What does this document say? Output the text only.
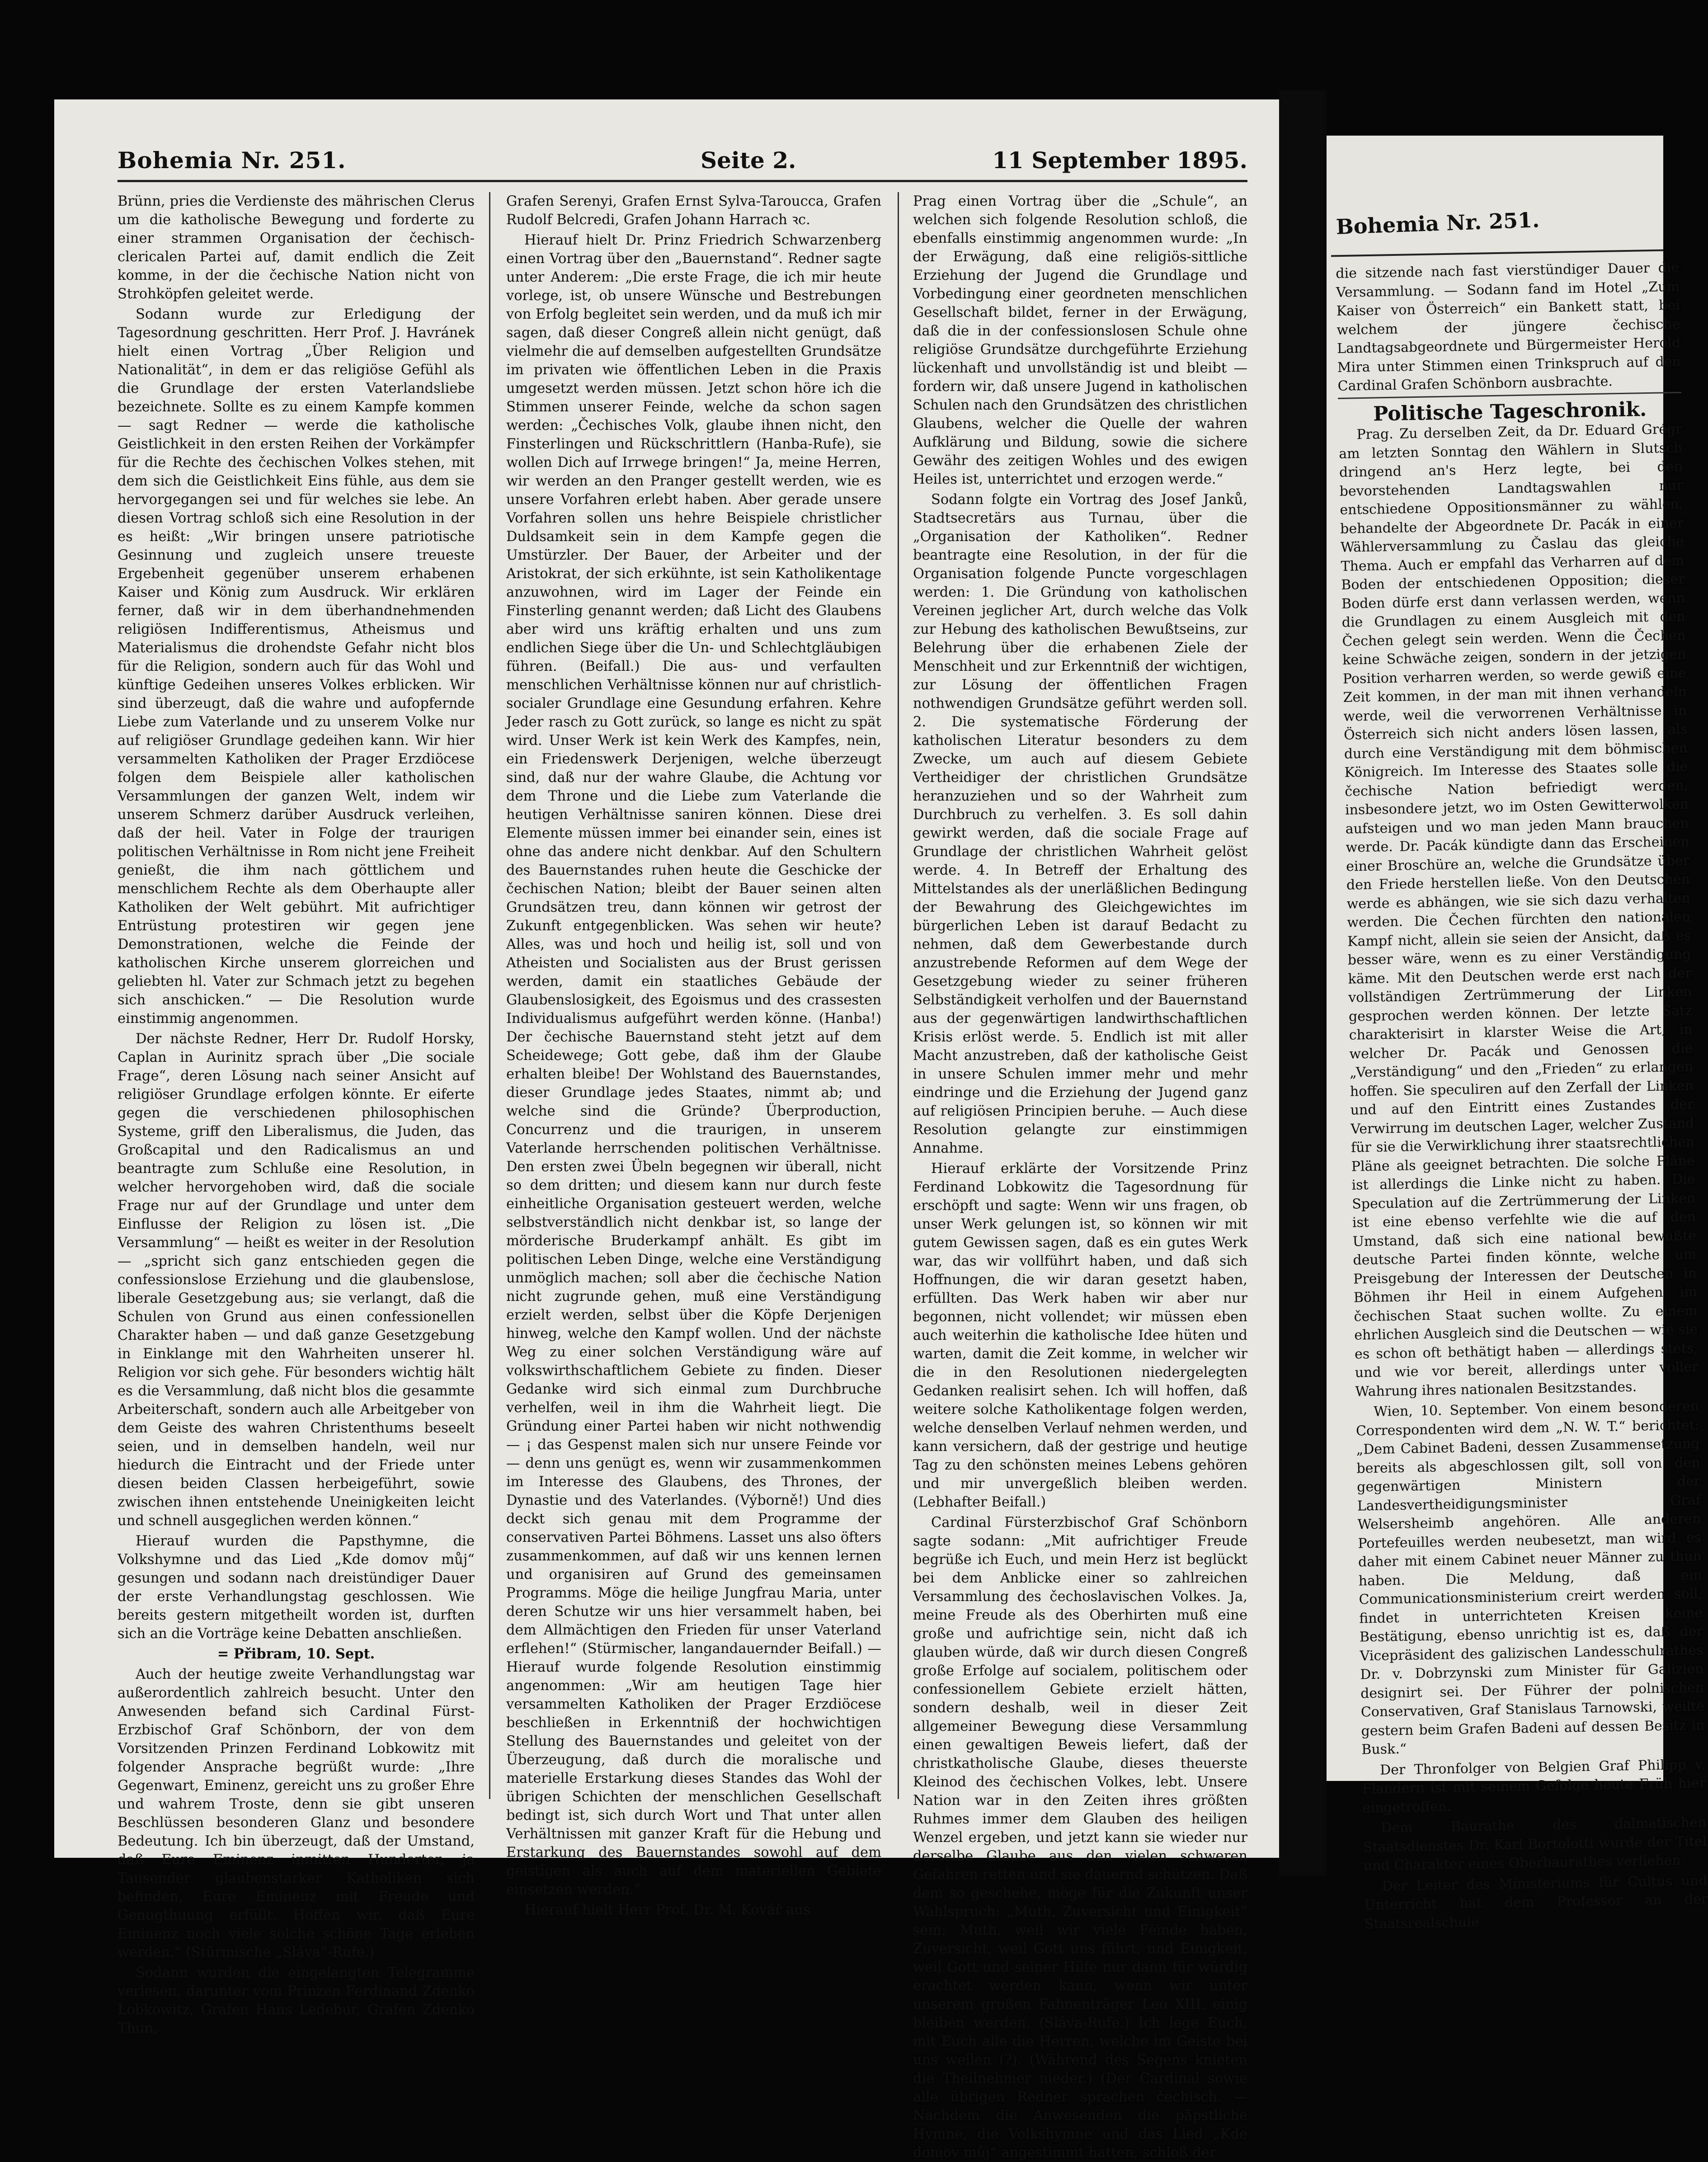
Bohemia Nr. 251.	Seite 2.	11 September 1895.

Brünn, pries die Verdienste des mährischen Clerus um die katholische Bewegung und forderte zu einer strammen Organisation der čechisch-clericalen Partei auf, damit endlich die Zeit komme, in der die čechische Nation nicht von Strohköpfen geleitet werde.

Sodann wurde zur Erledigung der Tagesordnung geschritten. Herr Prof. J. Havránek hielt einen Vortrag „Über Religion und Nationalität“, in dem er das religiöse Gefühl als die Grundlage der ersten Vaterlandsliebe bezeichnete. Sollte es zu einem Kampfe kommen — sagt Redner — werde die katholische Geistlichkeit in den ersten Reihen der Vorkämpfer für die Rechte des čechischen Volkes stehen, mit dem sich die Geistlichkeit Eins fühle, aus dem sie hervorgegangen sei und für welches sie lebe. An diesen Vortrag schloß sich eine Resolution in der es heißt: „Wir bringen unsere patriotische Gesinnung und zugleich unsere treueste Ergebenheit gegenüber unserem erhabenen Kaiser und König zum Ausdruck. Wir erklären ferner, daß wir in dem überhandnehmenden religiösen Indifferentismus, Atheismus und Materialismus die drohendste Gefahr nicht blos für die Religion, sondern auch für das Wohl und künftige Gedeihen unseres Volkes erblicken. Wir sind überzeugt, daß die wahre und aufopfernde Liebe zum Vaterlande und zu unserem Volke nur auf religiöser Grundlage gedeihen kann. Wir hier versammelten Katholiken der Prager Erzdiöcese folgen dem Beispiele aller katholischen Versammlungen der ganzen Welt, indem wir unserem Schmerz darüber Ausdruck verleihen, daß der heil. Vater in Folge der traurigen politischen Verhältnisse in Rom nicht jene Freiheit genießt, die ihm nach göttlichem und menschlichem Rechte als dem Oberhaupte aller Katholiken der Welt gebührt. Mit aufrichtiger Entrüstung protestiren wir gegen jene Demonstrationen, welche die Feinde der katholischen Kirche unserem glorreichen und geliebten hl. Vater zur Schmach jetzt zu begehen sich anschicken.“ — Die Resolution wurde einstimmig angenommen.

Der nächste Redner, Herr Dr. Rudolf Horsky, Caplan in Aurinitz sprach über „Die sociale Frage“, deren Lösung nach seiner Ansicht auf religiöser Grundlage erfolgen könnte. Er eiferte gegen die verschiedenen philosophischen Systeme, griff den Liberalismus, die Juden, das Großcapital und den Radicalismus an und beantragte zum Schluße eine Resolution, in welcher hervorgehoben wird, daß die sociale Frage nur auf der Grundlage und unter dem Einflusse der Religion zu lösen ist. „Die Versammlung“ — heißt es weiter in der Resolution — „spricht sich ganz entschieden gegen die confessionslose Erziehung und die glaubenslose, liberale Gesetzgebung aus; sie verlangt, daß die Schulen von Grund aus einen confessionellen Charakter haben — und daß ganze Gesetzgebung in Einklange mit den Wahrheiten unserer hl. Religion vor sich gehe. Für besonders wichtig hält es die Versammlung, daß nicht blos die gesammte Arbeiterschaft, sondern auch alle Arbeitgeber von dem Geiste des wahren Christenthums beseelt seien, und in demselben handeln, weil nur hiedurch die Eintracht und der Friede unter diesen beiden Classen herbeigeführt, sowie zwischen ihnen entstehende Uneinigkeiten leicht und schnell ausgeglichen werden können.“

Hierauf wurden die Papsthymne, die Volkshymne und das Lied „Kde domov můj“ gesungen und sodann nach dreistündiger Dauer der erste Verhandlungstag geschlossen. Wie bereits gestern mitgetheilt worden ist, durften sich an die Vorträge keine Debatten anschließen.

= Přibram, 10. Sept.

Auch der heutige zweite Verhandlungstag war außerordentlich zahlreich besucht. Unter den Anwesenden befand sich Cardinal Fürst-Erzbischof Graf Schönborn, der von dem Vorsitzenden Prinzen Ferdinand Lobkowitz mit folgender Ansprache begrüßt wurde: „Ihre Gegenwart, Eminenz, gereicht uns zu großer Ehre und wahrem Troste, denn sie gibt unseren Beschlüssen besonderen Glanz und besondere Bedeutung. Ich bin überzeugt, daß der Umstand, daß Eure Eminenz inmitten Hunderter, ja Tausender glaubenstarker Katholiken sich befinden, Eure Eminenz mit Freude und Genugthuung erfüllt. Hoffen wir, daß Eure Eminenz noch viele solche schöne Tage erleben werden.“ (Stürmische „Sláva“-Rufe.)

Sodann wurden die eingelangten Telegramme verlesen, darunter vom Prinzen Ferdinand Zdenko Lobkowitz, Grafen Hans Ledebur, Grafen Zdenko Thun,

Grafen Serenyi, Grafen Ernst Sylva-Taroucca, Grafen Rudolf Belcredi, Grafen Johann Harrach ꝛc.

Hierauf hielt Dr. Prinz Friedrich Schwarzenberg einen Vortrag über den „Bauernstand“. Redner sagte unter Anderem: „Die erste Frage, die ich mir heute vorlege, ist, ob unsere Wünsche und Bestrebungen von Erfolg begleitet sein werden, und da muß ich mir sagen, daß dieser Congreß allein nicht genügt, daß vielmehr die auf demselben aufgestellten Grundsätze im privaten wie öffentlichen Leben in die Praxis umgesetzt werden müssen. Jetzt schon höre ich die Stimmen unserer Feinde, welche da schon sagen werden: „Čechisches Volk, glaube ihnen nicht, den Finsterlingen und Rückschrittlern (Hanba-Rufe), sie wollen Dich auf Irrwege bringen!“ Ja, meine Herren, wir werden an den Pranger gestellt werden, wie es unsere Vorfahren erlebt haben. Aber gerade unsere Vorfahren sollen uns hehre Beispiele christlicher Duldsamkeit sein in dem Kampfe gegen die Umstürzler. Der Bauer, der Arbeiter und der Aristokrat, der sich erkühnte, ist sein Katholikentage anzuwohnen, wird im Lager der Feinde ein Finsterling genannt werden; daß Licht des Glaubens aber wird uns kräftig erhalten und uns zum endlichen Siege über die Un- und Schlechtgläubigen führen. (Beifall.) Die aus- und verfaulten menschlichen Verhältnisse können nur auf christlich-socialer Grundlage eine Gesundung erfahren. Kehre Jeder rasch zu Gott zurück, so lange es nicht zu spät wird. Unser Werk ist kein Werk des Kampfes, nein, ein Friedenswerk Derjenigen, welche überzeugt sind, daß nur der wahre Glaube, die Achtung vor dem Throne und die Liebe zum Vaterlande die heutigen Verhältnisse saniren können. Diese drei Elemente müssen immer bei einander sein, eines ist ohne das andere nicht denkbar. Auf den Schultern des Bauernstandes ruhen heute die Geschicke der čechischen Nation; bleibt der Bauer seinen alten Grundsätzen treu, dann können wir getrost der Zukunft entgegenblicken. Was sehen wir heute? Alles, was und hoch und heilig ist, soll und von Atheisten und Socialisten aus der Brust gerissen werden, damit ein staatliches Gebäude der Glaubenslosigkeit, des Egoismus und des crassesten Individualismus aufgeführt werden könne. (Hanba!) Der čechische Bauernstand steht jetzt auf dem Scheidewege; Gott gebe, daß ihm der Glaube erhalten bleibe! Der Wohlstand des Bauernstandes, dieser Grundlage jedes Staates, nimmt ab; und welche sind die Gründe? Überproduction, Concurrenz und die traurigen, in unserem Vaterlande herrschenden politischen Verhältnisse. Den ersten zwei Übeln begegnen wir überall, nicht so dem dritten; und diesem kann nur durch feste einheitliche Organisation gesteuert werden, welche selbstverständlich nicht denkbar ist, so lange der mörderische Bruderkampf anhält. Es gibt im politischen Leben Dinge, welche eine Verständigung unmöglich machen; soll aber die čechische Nation nicht zugrunde gehen, muß eine Verständigung erzielt werden, selbst über die Köpfe Derjenigen hinweg, welche den Kampf wollen. Und der nächste Weg zu einer solchen Verständigung wäre auf volkswirthschaftlichem Gebiete zu finden. Dieser Gedanke wird sich einmal zum Durchbruche verhelfen, weil in ihm die Wahrheit liegt. Die Gründung einer Partei haben wir nicht nothwendig — ¡ das Gespenst malen sich nur unsere Feinde vor — denn uns genügt es, wenn wir zusammenkommen im Interesse des Glaubens, des Thrones, der Dynastie und des Vaterlandes. (Výborně!) Und dies deckt sich genau mit dem Programme der conservativen Partei Böhmens. Lasset uns also öfters zusammenkommen, auf daß wir uns kennen lernen und organisiren auf Grund des gemeinsamen Programms. Möge die heilige Jungfrau Maria, unter deren Schutze wir uns hier versammelt haben, bei dem Allmächtigen den Frieden für unser Vaterland erflehen!“ (Stürmischer, langandauernder Beifall.) — Hierauf wurde folgende Resolution einstimmig angenommen: „Wir am heutigen Tage hier versammelten Katholiken der Prager Erzdiöcese beschließen in Erkenntniß der hochwichtigen Stellung des Bauernstandes und geleitet von der Überzeugung, daß durch die moralische und materielle Erstarkung dieses Standes das Wohl der übrigen Schichten der menschlichen Gesellschaft bedingt ist, sich durch Wort und That unter allen Verhältnissen mit ganzer Kraft für die Hebung und Erstarkung des Bauernstandes sowohl auf dem geistigen als auch auf dem materiellen Gebiete einsetzen werden.“

Hierauf hielt Herr Prof. Dr. M. Kovář aus

Prag einen Vortrag über die „Schule“, an welchen sich folgende Resolution schloß, die ebenfalls einstimmig angenommen wurde: „In der Erwägung, daß eine religiös-sittliche Erziehung der Jugend die Grundlage und Vorbedingung einer geordneten menschlichen Gesellschaft bildet, ferner in der Erwägung, daß die in der confessionslosen Schule ohne religiöse Grundsätze durchgeführte Erziehung lückenhaft und unvollständig ist und bleibt — fordern wir, daß unsere Jugend in katholischen Schulen nach den Grundsätzen des christlichen Glaubens, welcher die Quelle der wahren Aufklärung und Bildung, sowie die sichere Gewähr des zeitigen Wohles und des ewigen Heiles ist, unterrichtet und erzogen werde.“

Sodann folgte ein Vortrag des Josef Janků, Stadtsecretärs aus Turnau, über die „Organisation der Katholiken“. Redner beantragte eine Resolution, in der für die Organisation folgende Puncte vorgeschlagen werden: 1. Die Gründung von katholischen Vereinen jeglicher Art, durch welche das Volk zur Hebung des katholischen Bewußtseins, zur Belehrung über die erhabenen Ziele der Menschheit und zur Erkenntniß der wichtigen, zur Lösung der öffentlichen Fragen nothwendigen Grundsätze geführt werden soll. 2. Die systematische Förderung der katholischen Literatur besonders zu dem Zwecke, um auch auf diesem Gebiete Vertheidiger der christlichen Grundsätze heranzuziehen und so der Wahrheit zum Durchbruch zu verhelfen. 3. Es soll dahin gewirkt werden, daß die sociale Frage auf Grundlage der christlichen Wahrheit gelöst werde. 4. In Betreff der Erhaltung des Mittelstandes als der unerläßlichen Bedingung der Bewahrung des Gleichgewichtes im bürgerlichen Leben ist darauf Bedacht zu nehmen, daß dem Gewerbestande durch anzustrebende Reformen auf dem Wege der Gesetzgebung wieder zu seiner früheren Selbständigkeit verholfen und der Bauernstand aus der gegenwärtigen landwirthschaftlichen Krisis erlöst werde. 5. Endlich ist mit aller Macht anzustreben, daß der katholische Geist in unsere Schulen immer mehr und mehr eindringe und die Erziehung der Jugend ganz auf religiösen Principien beruhe. — Auch diese Resolution gelangte zur einstimmigen Annahme.

Hierauf erklärte der Vorsitzende Prinz Ferdinand Lobkowitz die Tagesordnung für erschöpft und sagte: Wenn wir uns fragen, ob unser Werk gelungen ist, so können wir mit gutem Gewissen sagen, daß es ein gutes Werk war, das wir vollführt haben, und daß sich Hoffnungen, die wir daran gesetzt haben, erfüllten. Das Werk haben wir aber nur begonnen, nicht vollendet; wir müssen eben auch weiterhin die katholische Idee hüten und warten, damit die Zeit komme, in welcher wir die in den Resolutionen niedergelegten Gedanken realisirt sehen. Ich will hoffen, daß weitere solche Katholikentage folgen werden, welche denselben Verlauf nehmen werden, und kann versichern, daß der gestrige und heutige Tag zu den schönsten meines Lebens gehören und mir unvergeßlich bleiben werden. (Lebhafter Beifall.)

Cardinal Fürsterzbischof Graf Schönborn sagte sodann: „Mit aufrichtiger Freude begrüße ich Euch, und mein Herz ist beglückt bei dem Anblicke einer so zahlreichen Versammlung des čechoslavischen Volkes. Ja, meine Freude als des Oberhirten muß eine große und aufrichtige sein, nicht daß ich glauben würde, daß wir durch diesen Congreß große Erfolge auf socialem, politischem oder confessionellem Gebiete erzielt hätten, sondern deshalb, weil in dieser Zeit allgemeiner Bewegung diese Versammlung einen gewaltigen Beweis liefert, daß der christkatholische Glaube, dieses theuerste Kleinod des čechischen Volkes, lebt. Unsere Nation war in den Zeiten ihres größten Ruhmes immer dem Glauben des heiligen Wenzel ergeben, und jetzt kann sie wieder nur derselbe Glaube aus den vielen schweren Gefahren retten und sie dauernd schützen. Daß dem so geschehe, möge für die Zukunft unser Wahlspruch: „Muth, Zuversicht und Einigkeit“ sein; Muth, weil wir viele Feinde haben, Zuversicht, weil Gott uns führt, und Einigkeit, weil Gott und seiner Hilfe nur dann für würdig erachtet werden kann, wenn wir unter unserem großen Fahnenträger Leo XIII. einig bleiben werden. (Sláva-Rufe.) Ich lege Euch, mit Euch alle die Herren, welche im Geiste bei uns weilen (?). (Während des Segens knieten die Theilnehmer nieder.) (Der Cardinal sowie alle übrigen Redner sprachen čechisch. — Nachdem die Anwesenden die päpstliche Hymne, die Volkshymne und das Lied „Kde domov můj“ angestimmt hatten, schloß der

Bohemia Nr. 251.

die sitzende nach fast vierstündiger Dauer die Versammlung. — Sodann fand im Hotel „Zum Kaiser von Österreich“ ein Bankett statt, bei welchem der jüngere čechische Landtagsabgeordnete und Bürgermeister Herold Mira unter Stimmen einen Trinkspruch auf den Cardinal Grafen Schönborn ausbrachte.

Politische Tageschronik.

Prag. Zu derselben Zeit, da Dr. Eduard Grégr am letzten Sonntag den Wählern in Slutsch dringend an's Herz legte, bei den bevorstehenden Landtagswahlen nur entschiedene Oppositionsmänner zu wählen, behandelte der Abgeordnete Dr. Pacák in einer Wählerversammlung zu Časlau das gleiche Thema. Auch er empfahl das Verharren auf dem Boden der entschiedenen Opposition; dieser Boden dürfe erst dann verlassen werden, wenn die Grundlagen zu einem Ausgleich mit den Čechen gelegt sein werden. Wenn die Čechen keine Schwäche zeigen, sondern in der jetzigen Position verharren werden, so werde gewiß eine Zeit kommen, in der man mit ihnen verhandeln werde, weil die verworrenen Verhältnisse in Österreich sich nicht anders lösen lassen, als durch eine Verständigung mit dem böhmischen Königreich. Im Interesse des Staates solle die čechische Nation befriedigt werden, insbesondere jetzt, wo im Osten Gewitterwolken aufsteigen und wo man jeden Mann brauchen werde. Dr. Pacák kündigte dann das Erscheinen einer Broschüre an, welche die Grundsätze über den Friede herstellen ließe. Von den Deutschen werde es abhängen, wie sie sich dazu verhalten werden. Die Čechen fürchten den nationalen Kampf nicht, allein sie seien der Ansicht, daß es besser wäre, wenn es zu einer Verständigung käme. Mit den Deutschen werde erst nach der vollständigen Zertrümmerung der Linken gesprochen werden können. Der letzte Satz charakterisirt in klarster Weise die Art, in welcher Dr. Pacák und Genossen die „Verständigung“ und den „Frieden“ zu erlangen hoffen. Sie speculiren auf den Zerfall der Linken und auf den Eintritt eines Zustandes der Verwirrung im deutschen Lager, welcher Zustand für sie die Verwirklichung ihrer staatsrechtlichen Pläne als geeignet betrachten. Die solche Pläne ist allerdings die Linke nicht zu haben. Die Speculation auf die Zertrümmerung der Linken ist eine ebenso verfehlte wie die auf den Umstand, daß sich eine national bewußte deutsche Partei finden könnte, welche um Preisgebung der Interessen der Deutschen in Böhmen ihr Heil in einem Aufgehen im čechischen Staat suchen wollte. Zu einem ehrlichen Ausgleich sind die Deutschen — wie sie es schon oft bethätigt haben — allerdings stets, und wie vor bereit, allerdings unter voller Wahrung ihres nationalen Besitzstandes.

Wien, 10. September. Von einem besonderen Correspondenten wird dem „N. W. T.“ berichtet: „Dem Cabinet Badeni, dessen Zusammensetzung bereits als abgeschlossen gilt, soll von den gegenwärtigen Ministern der Landesvertheidigungsminister Graf Welsersheimb angehören. Alle anderen Portefeuilles werden neubesetzt, man wird es daher mit einem Cabinet neuer Männer zu thun haben. Die Meldung, daß ein Communicationsministerium creirt werden soll, findet in unterrichteten Kreisen keine Bestätigung, ebenso unrichtig ist es, daß der Vicepräsident des galizischen Landesschulrathes Dr. v. Dobrzynski zum Minister für Galizien designirt sei. Der Führer der polnischen Conservativen, Graf Stanislaus Tarnowski, weilte gestern beim Grafen Badeni auf dessen Besitz in Busk.“

Der Thronfolger von Belgien Graf Philipp v. Flandern ist mit seinem Gefolge heute Früh hier eingetroffen.

Dem Baurathe des dalmatischen Staatsdienstes Dr. Karl Bortolotti wurde der Titel und Charakter eines Oberbaurathes verliehen.

Der Leiter des Ministeriums für Cultus und Unterricht hat dem Professor an der Staatsrealschule
